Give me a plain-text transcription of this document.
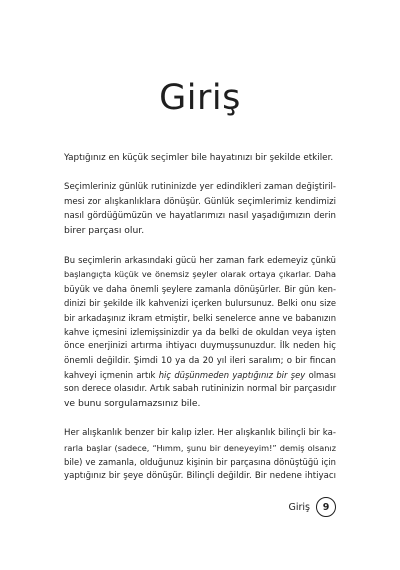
Giriş

Yaptığınız en küçük seçimler bile hayatınızı bir şekilde etkiler.

Seçimleriniz günlük rutininizde yer edindikleri zaman değiştiril-
mesi zor alışkanlıklara dönüşür. Günlük seçimlerimiz kendimizi
nasıl gördüğümüzün ve hayatlarımızı nasıl yaşadığımızın derin
birer parçası olur.

Bu seçimlerin arkasındaki gücü her zaman fark edemeyiz çünkü
başlangıçta küçük ve önemsiz şeyler olarak ortaya çıkarlar. Daha
büyük ve daha önemli şeylere zamanla dönüşürler. Bir gün ken-
dinizi bir şekilde ilk kahvenizi içerken bulursunuz. Belki onu size
bir arkadaşınız ikram etmiştir, belki senelerce anne ve babanızın
kahve içmesini izlemişsinizdir ya da belki de okuldan veya işten
önce enerjinizi artırma ihtiyacı duymuşsunuzdur. İlk neden hiç
önemli değildir. Şimdi 10 ya da 20 yıl ileri saralım; o bir fincan
kahveyi içmenin artık hiç düşünmeden yaptığınız bir şey olması
son derece olasıdır. Artık sabah rutininizin normal bir parçasıdır
ve bunu sorgulamazsınız bile.

Her alışkanlık benzer bir kalıp izler. Her alışkanlık bilinçli bir ka-
rarla başlar (sadece, “Hımm, şunu bir deneyeyim!” demiş olsanız
bile) ve zamanla, olduğunuz kişinin bir parçasına dönüştüğü için
yaptığınız bir şeye dönüşür. Bilinçli değildir. Bir nedene ihtiyacı

Giriş 9
